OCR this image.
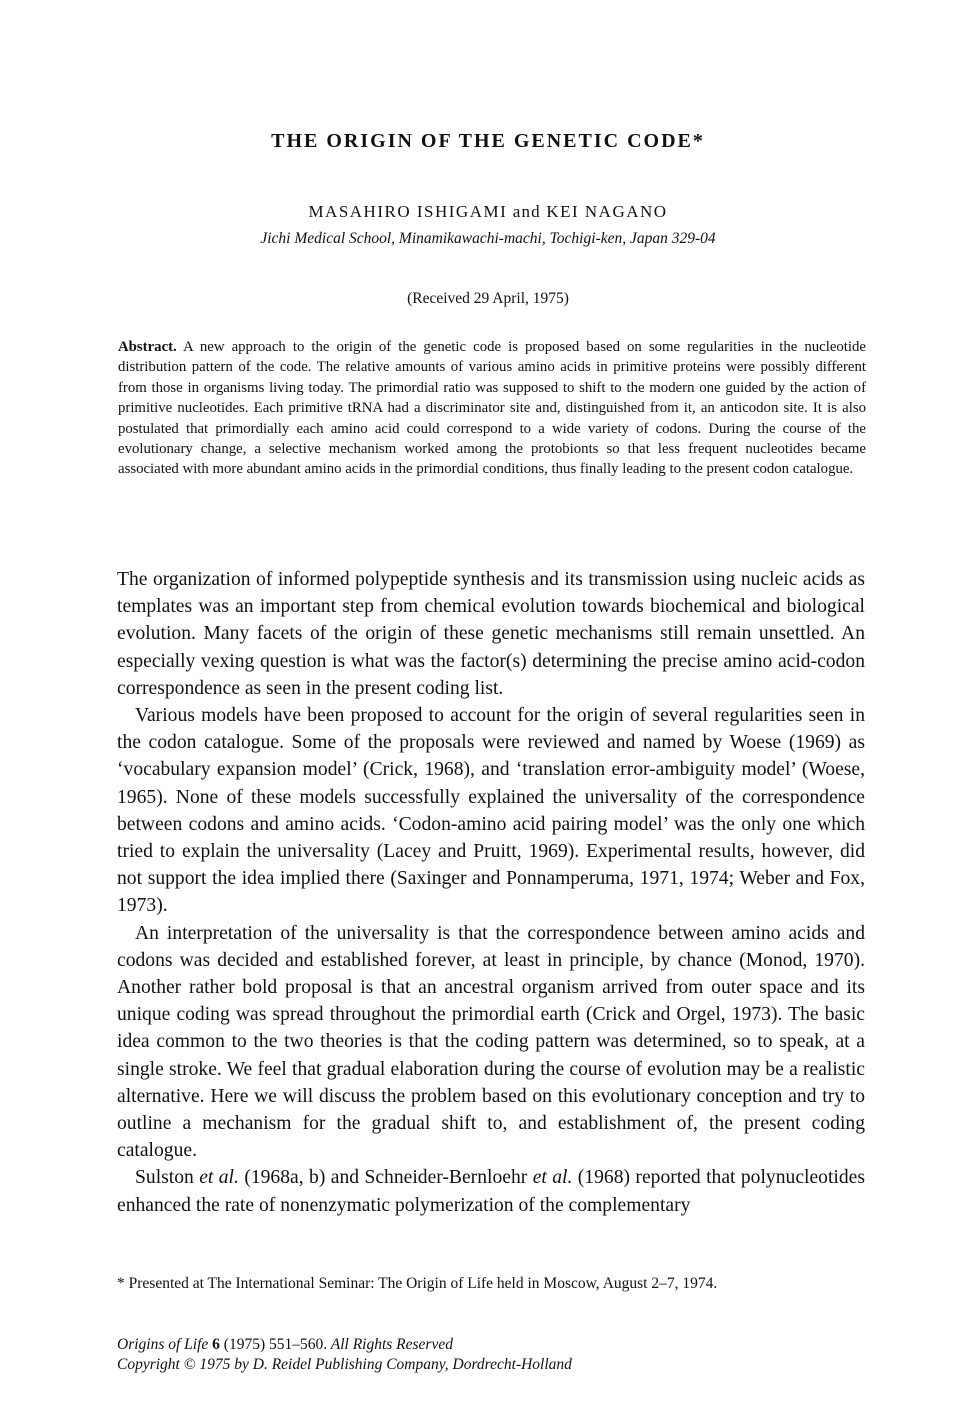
THE ORIGIN OF THE GENETIC CODE*
MASAHIRO ISHIGAMI and KEI NAGANO
Jichi Medical School, Minamikawachi-machi, Tochigi-ken, Japan 329-04
(Received 29 April, 1975)
Abstract. A new approach to the origin of the genetic code is proposed based on some regularities in the nucleotide distribution pattern of the code. The relative amounts of various amino acids in primitive proteins were possibly different from those in organisms living today. The primordial ratio was supposed to shift to the modern one guided by the action of primitive nucleotides. Each primitive tRNA had a discriminator site and, distinguished from it, an anticodon site. It is also postulated that primordially each amino acid could correspond to a wide variety of codons. During the course of the evolutionary change, a selective mechanism worked among the protobionts so that less frequent nucleotides became associated with more abundant amino acids in the primordial conditions, thus finally leading to the present codon catalogue.

The organization of informed polypeptide synthesis and its transmission using nucleic acids as templates was an important step from chemical evolution towards biochemical and biological evolution. Many facets of the origin of these genetic mechanisms still remain unsettled. An especially vexing question is what was the factor(s) determining the precise amino acid-codon correspondence as seen in the present coding list.

Various models have been proposed to account for the origin of several regularities seen in the codon catalogue. Some of the proposals were reviewed and named by Woese (1969) as ‘vocabulary expansion model’ (Crick, 1968), and ‘translation error-ambiguity model’ (Woese, 1965). None of these models successfully explained the universality of the correspondence between codons and amino acids. ‘Codon-amino acid pairing model’ was the only one which tried to explain the universality (Lacey and Pruitt, 1969). Experimental results, however, did not support the idea implied there (Saxinger and Ponnamperuma, 1971, 1974; Weber and Fox, 1973).

An interpretation of the universality is that the correspondence between amino acids and codons was decided and established forever, at least in principle, by chance (Monod, 1970). Another rather bold proposal is that an ancestral organism arrived from outer space and its unique coding was spread throughout the primordial earth (Crick and Orgel, 1973). The basic idea common to the two theories is that the coding pattern was determined, so to speak, at a single stroke. We feel that gradual elaboration during the course of evolution may be a realistic alternative. Here we will discuss the problem based on this evolutionary conception and try to outline a mechanism for the gradual shift to, and establishment of, the present coding catalogue.

Sulston et al. (1968a, b) and Schneider-Bernloehr et al. (1968) reported that polynucleotides enhanced the rate of nonenzymatic polymerization of the complementary

* Presented at The International Seminar: The Origin of Life held in Moscow, August 2–7, 1974.
Origins of Life 6 (1975) 551–560. All Rights Reserved
Copyright © 1975 by D. Reidel Publishing Company, Dordrecht-Holland
